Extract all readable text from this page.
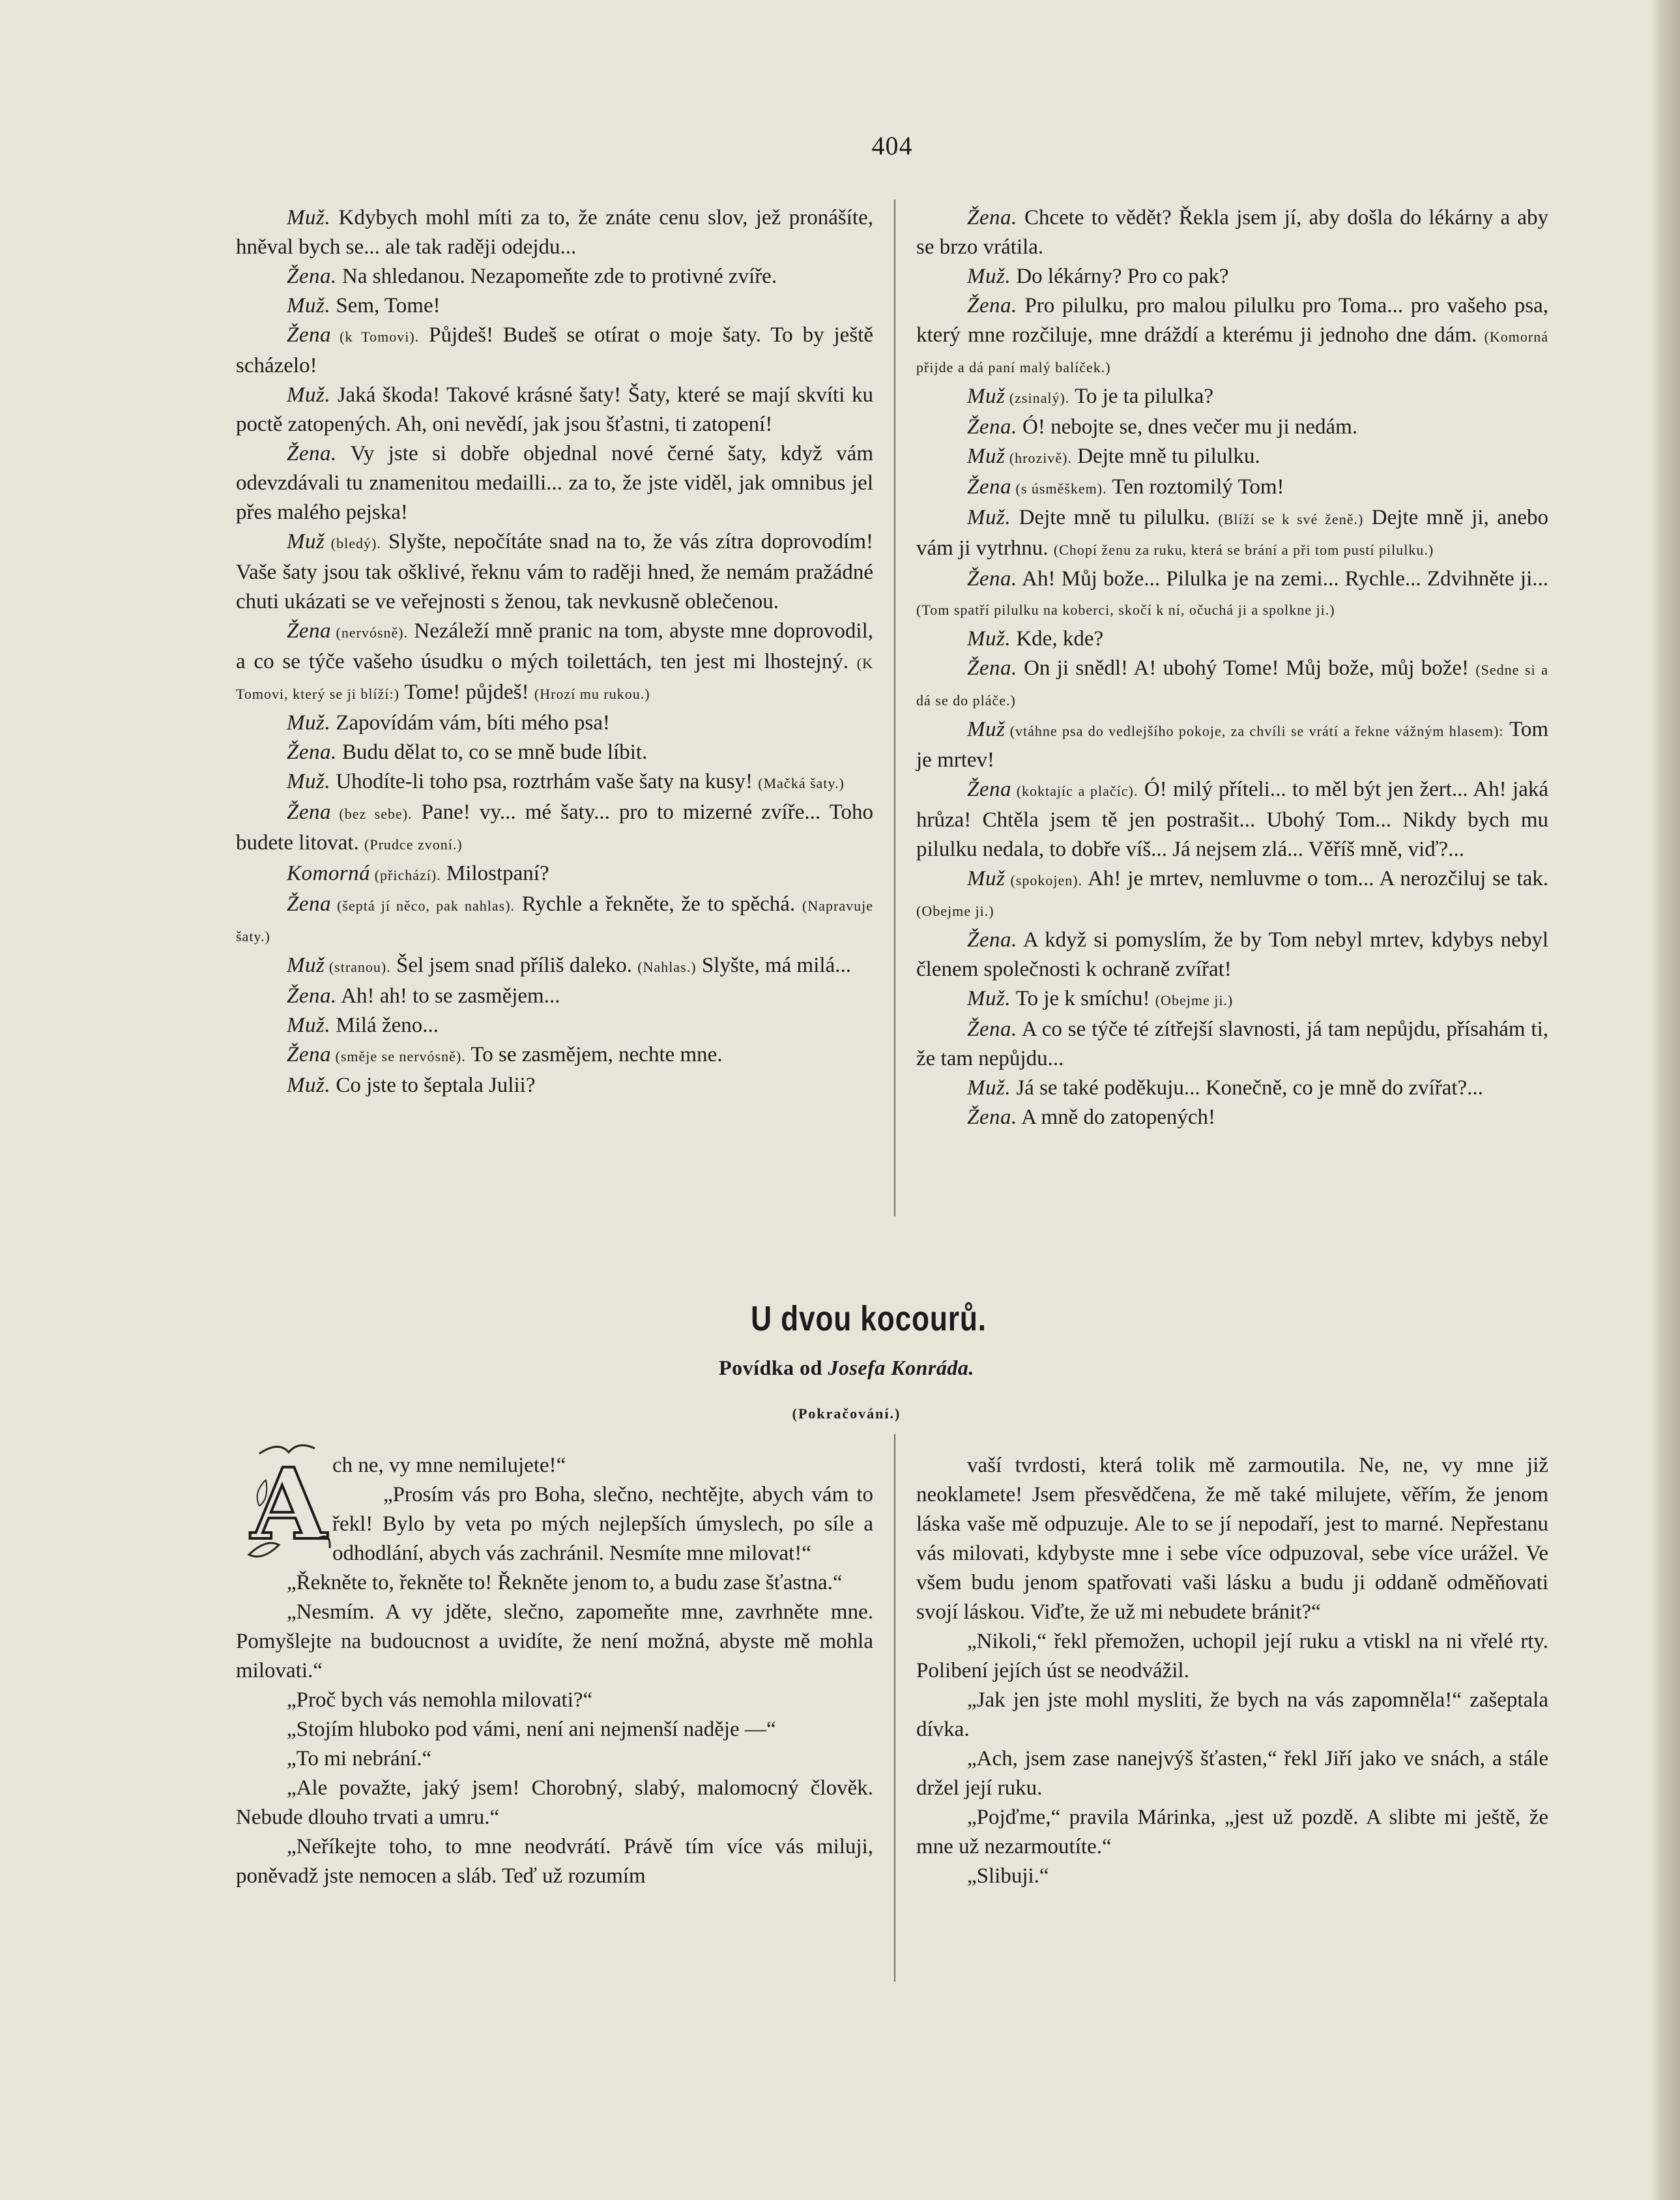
404

Muž. Kdybych mohl míti za to, že znáte cenu slov, jež pronášíte, hněval bych se... ale tak raději odejdu...

Žena. Na shledanou. Nezapomeňte zde to protivné zvíře.

Muž. Sem, Tome!

Žena (k Tomovi). Půjdeš! Budeš se otírat o moje šaty. To by ještě scházelo!

Muž. Jaká škoda! Takové krásné šaty! Šaty, které se mají skvíti ku poctě zatopených. Ah, oni nevědí, jak jsou šťastni, ti zatopení!

Žena. Vy jste si dobře objednal nové černé šaty, když vám odevzdávali tu znamenitou medailli... za to, že jste viděl, jak omnibus jel přes malého pejska!

Muž (bledý). Slyšte, nepočítáte snad na to, že vás zítra doprovodím! Vaše šaty jsou tak ošklivé, řeknu vám to raději hned, že nemám pražádné chuti ukázati se ve veřejnosti s ženou, tak nevkusně oblečenou.

Žena (nervósně). Nezáleží mně pranic na tom, abyste mne doprovodil, a co se týče vašeho úsudku o mých toilettách, ten jest mi lhostejný. (K Tomovi, který se ji blíží:) Tome! půjdeš! (Hrozí mu rukou.)

Muž. Zapovídám vám, bíti mého psa!

Žena. Budu dělat to, co se mně bude líbit.

Muž. Uhodíte-li toho psa, roztrhám vaše šaty na kusy! (Mačká šaty.)

Žena (bez sebe). Pane! vy... mé šaty... pro to mizerné zvíře... Toho budete litovat. (Prudce zvoní.)

Komorná (přichází). Milostpaní?

Žena (šeptá jí něco, pak nahlas). Rychle a řekněte, že to spěchá. (Napravuje šaty.)

Muž (stranou). Šel jsem snad příliš daleko. (Nahlas.) Slyšte, má milá...

Žena. Ah! ah! to se zasmějem...

Muž. Milá ženo...

Žena (směje se nervósně). To se zasmějem, nechte mne.

Muž. Co jste to šeptala Julii?

Žena. Chcete to vědět? Řekla jsem jí, aby došla do lékárny a aby se brzo vrátila.

Muž. Do lékárny? Pro co pak?

Žena. Pro pilulku, pro malou pilulku pro Toma... pro vašeho psa, který mne rozčiluje, mne dráždí a kterému ji jednoho dne dám. (Komorná přijde a dá paní malý balíček.)

Muž (zsinalý). To je ta pilulka?

Žena. Ó! nebojte se, dnes večer mu ji nedám.

Muž (hrozivě). Dejte mně tu pilulku.

Žena (s úsměškem). Ten roztomilý Tom!

Muž. Dejte mně tu pilulku. (Blíží se k své ženě.) Dejte mně ji, anebo vám ji vytrhnu. (Chopí ženu za ruku, která se brání a při tom pustí pilulku.)

Žena. Ah! Můj bože... Pilulka je na zemi... Rychle... Zdvihněte ji... (Tom spatří pilulku na koberci, skočí k ní, očuchá ji a spolkne ji.)

Muž. Kde, kde?

Žena. On ji snědl! A! ubohý Tome! Můj bože, můj bože! (Sedne si a dá se do pláče.)

Muž (vtáhne psa do vedlejšího pokoje, za chvíli se vrátí a řekne vážným hlasem): Tom je mrtev!

Žena (koktajíc a plačíc). Ó! milý příteli... to měl být jen žert... Ah! jaká hrůza! Chtěla jsem tě jen postrašit... Ubohý Tom... Nikdy bych mu pilulku nedala, to dobře víš... Já nejsem zlá... Věříš mně, viď?...

Muž (spokojen). Ah! je mrtev, nemluvme o tom... A nerozčiluj se tak. (Obejme ji.)

Žena. A když si pomyslím, že by Tom nebyl mrtev, kdybys nebyl členem společnosti k ochraně zvířat!

Muž. To je k smíchu! (Obejme ji.)

Žena. A co se týče té zítřejší slavnosti, já tam nepůjdu, přísahám ti, že tam nepůjdu...

Muž. Já se také poděkuju... Konečně, co je mně do zvířat?...

Žena. A mně do zatopených!

U dvou kocourů.
Povídka od Josefa Konráda.
(Pokračování.)
A ch ne, vy mne nemilujete!“

„Prosím vás pro Boha, slečno, nechtějte, abych vám to řekl! Bylo by veta po mých nejlepších úmyslech, po síle a odhodlání, abych vás zachránil. Nesmíte mne milovat!“

„Řekněte to, řekněte to! Řekněte jenom to, a budu zase šťastna.“

„Nesmím. A vy jděte, slečno, zapomeňte mne, zavrhněte mne. Pomyšlejte na budoucnost a uvidíte, že není možná, abyste mě mohla milovati.“

„Proč bych vás nemohla milovati?“

„Stojím hluboko pod vámi, není ani nejmenší naděje —“

„To mi nebrání.“

„Ale považte, jaký jsem! Chorobný, slabý, malomocný člověk. Nebude dlouho trvati a umru.“

„Neříkejte toho, to mne neodvrátí. Právě tím více vás miluji, poněvadž jste nemocen a sláb. Teď už rozumím

vaší tvrdosti, která tolik mě zarmoutila. Ne, ne, vy mne již neoklamete! Jsem přesvědčena, že mě také milujete, věřím, že jenom láska vaše mě odpuzuje. Ale to se jí nepodaří, jest to marné. Nepřestanu vás milovati, kdybyste mne i sebe více odpuzoval, sebe více urážel. Ve všem budu jenom spatřovati vaši lásku a budu ji oddaně odměňovati svojí láskou. Viďte, že už mi nebudete bránit?“

„Nikoli,“ řekl přemožen, uchopil její ruku a vtiskl na ni vřelé rty. Polibení jejích úst se neodvážil.

„Jak jen jste mohl mysliti, že bych na vás zapomněla!“ zašeptala dívka.

„Ach, jsem zase nanejvýš šťasten,“ řekl Jiří jako ve snách, a stále držel její ruku.

„Pojďme,“ pravila Márinka, „jest už pozdě. A slibte mi ještě, že mne už nezarmoutíte.“

„Slibuji.“
